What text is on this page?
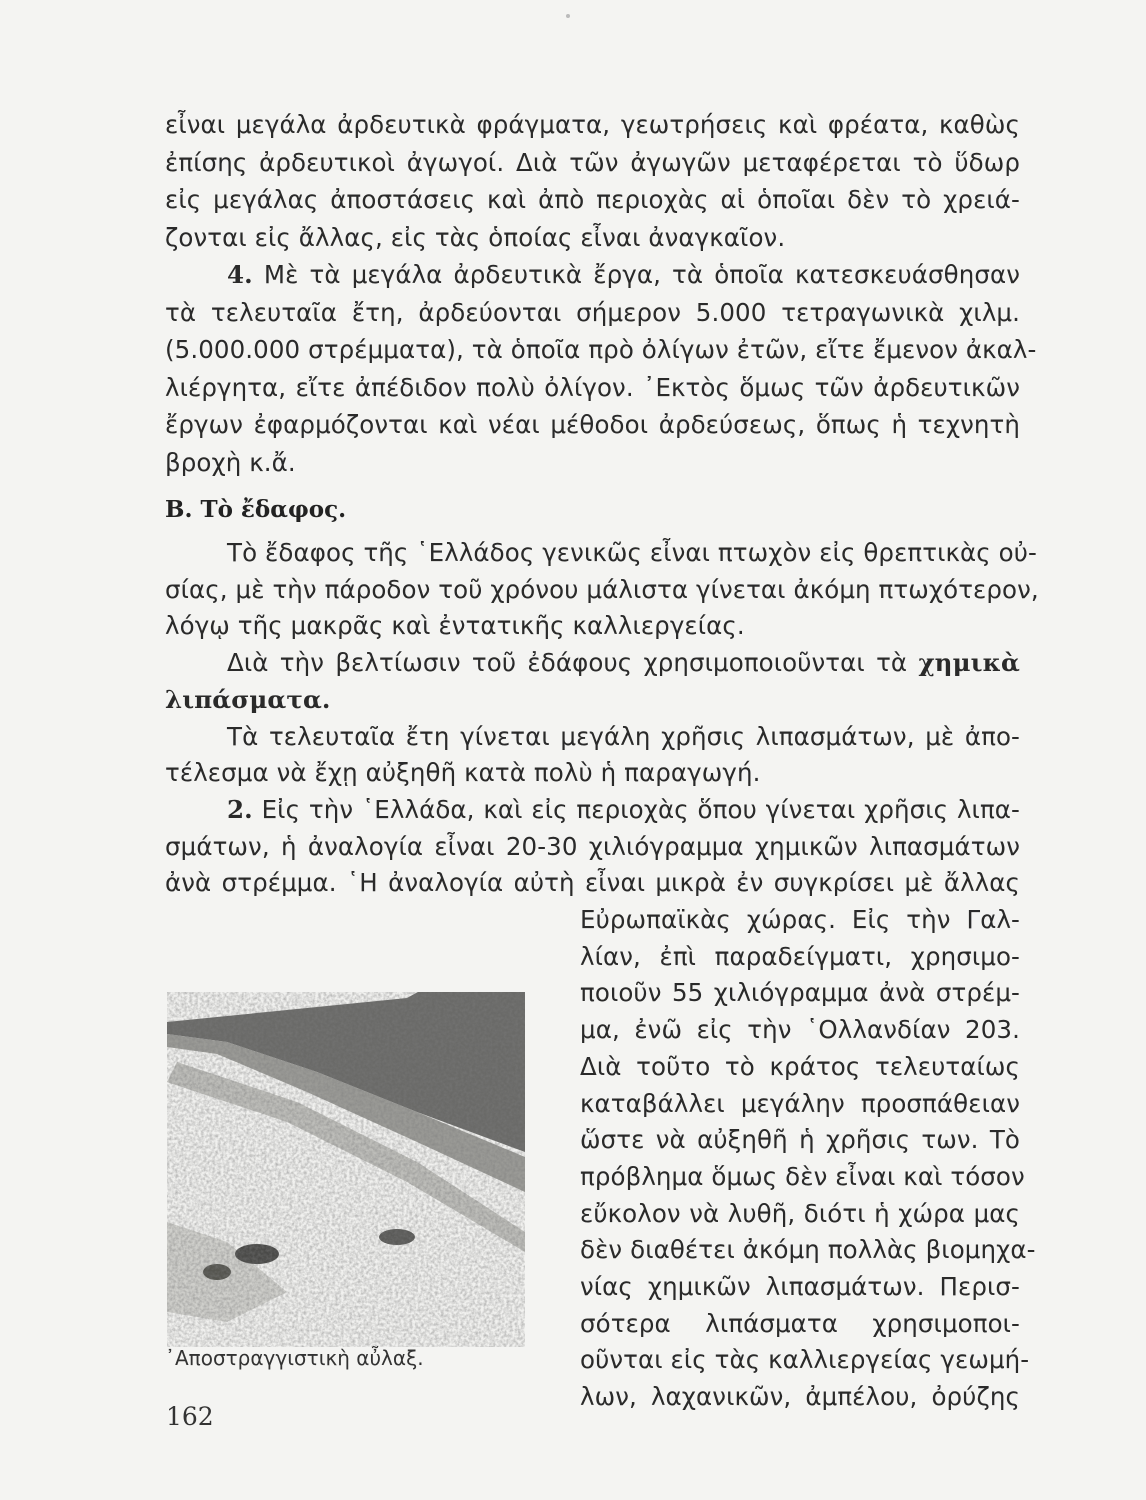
εἶναι μεγάλα ἀρδευτικὰ φράγματα, γεωτρήσεις καὶ φρέατα, καθὼς
ἐπίσης ἀρδευτικοὶ ἀγωγοί. Διὰ τῶν ἀγωγῶν μεταφέρεται τὸ ὕδωρ
εἰς μεγάλας ἀποστάσεις καὶ ἀπὸ περιοχὰς αἱ ὁποῖαι δὲν τὸ χρειά-
ζονται εἰς ἄλλας, εἰς τὰς ὁποίας εἶναι ἀναγκαῖον.
4. Μὲ τὰ μεγάλα ἀρδευτικὰ ἔργα, τὰ ὁποῖα κατεσκευάσθησαν
τὰ τελευταῖα ἔτη, ἀρδεύονται σήμερον 5.000 τετραγωνικὰ χιλμ.
(5.000.000 στρέμματα), τὰ ὁποῖα πρὸ ὀλίγων ἐτῶν, εἴτε ἔμενον ἀκαλ-
λιέργητα, εἴτε ἀπέδιδον πολὺ ὀλίγον. ᾿Εκτὸς ὅμως τῶν ἀρδευτικῶν
ἔργων ἐφαρμόζονται καὶ νέαι μέθοδοι ἀρδεύσεως, ὅπως ἡ τεχνητὴ
βροχὴ κ.ἄ.
B. Τὸ ἔδαφος.
Τὸ ἔδαφος τῆς ῾Ελλάδος γενικῶς εἶναι πτωχὸν εἰς θρεπτικὰς οὐ-
σίας, μὲ τὴν πάροδον τοῦ χρόνου μάλιστα γίνεται ἀκόμη πτωχότερον,
λόγῳ τῆς μακρᾶς καὶ ἐντατικῆς καλλιεργείας.
Διὰ τὴν βελτίωσιν τοῦ ἐδάφους χρησιμοποιοῦνται τὰ χημικὰ
λιπάσματα.
Τὰ τελευταῖα ἔτη γίνεται μεγάλη χρῆσις λιπασμάτων, μὲ ἀπο-
τέλεσμα νὰ ἔχῃ αὐξηθῆ κατὰ πολὺ ἡ παραγωγή.
2. Εἰς τὴν ῾Ελλάδα, καὶ εἰς περιοχὰς ὅπου γίνεται χρῆσις λιπα-
σμάτων, ἡ ἀναλογία εἶναι 20-30 χιλιόγραμμα χημικῶν λιπασμάτων
ἀνὰ στρέμμα. ῾Η ἀναλογία αὐτὴ εἶναι μικρὰ ἐν συγκρίσει μὲ ἄλλας
Εὐρωπαϊκὰς χώρας. Εἰς τὴν Γαλ-
λίαν, ἐπὶ παραδείγματι, χρησιμο-
ποιοῦν 55 χιλιόγραμμα ἀνὰ στρέμ-
μα, ἐνῶ εἰς τὴν ῾Ολλανδίαν 203.
Διὰ τοῦτο τὸ κράτος τελευταίως
καταβάλλει μεγάλην προσπάθειαν
ὥστε νὰ αὐξηθῆ ἡ χρῆσις των. Τὸ
πρόβλημα ὅμως δὲν εἶναι καὶ τόσον
εὔκολον νὰ λυθῆ, διότι ἡ χώρα μας
δὲν διαθέτει ἀκόμη πολλὰς βιομηχα-
νίας χημικῶν λιπασμάτων. Περισ-
σότερα λιπάσματα χρησιμοποι-
οῦνται εἰς τὰς καλλιεργείας γεωμή-
λων, λαχανικῶν, ἀμπέλου, ὀρύζης
᾿Αποστραγγιστικὴ αὖλαξ.
162
